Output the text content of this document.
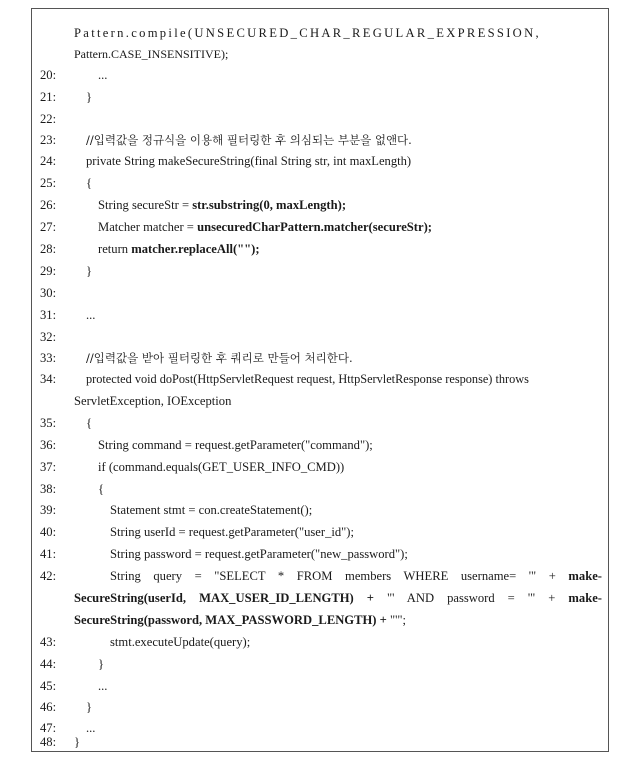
Pattern.compile(UNSECURED_CHAR_REGULAR_EXPRESSION,
Pattern.CASE_INSENSITIVE);
20:	...
21:	}
22:
23:	//입력값을 정규식을 이용해 필터링한 후 의심되는 부분을 없앤다.
24:	private String makeSecureString(final String str, int maxLength)
25:	{
26:	String secureStr = str.substring(0, maxLength);
27:	Matcher matcher = unsecuredCharPattern.matcher(secureStr);
28:	return matcher.replaceAll("");
29:	}
30:
31:	...
32:
33:	//입력값을 받아 필터링한 후 쿼리로 만들어 처리한다.
34:	protected void doPost(HttpServletRequest request, HttpServletResponse response) throws
ServletException, IOException
35:	{
36:	String command = request.getParameter("command");
37:	if (command.equals(GET_USER_INFO_CMD))
38:	{
39:	Statement stmt = con.createStatement();
40:	String userId = request.getParameter("user_id");
41:	String password = request.getParameter("new_password");
42:	String query = "SELECT * FROM members WHERE username= '" + make-
SecureString(userId, MAX_USER_ID_LENGTH) + "' AND password = '" + make-
SecureString(password, MAX_PASSWORD_LENGTH) + "'";
43:	stmt.executeUpdate(query);
44:	}
45:	...
46:	}
47:	...
48:	}
